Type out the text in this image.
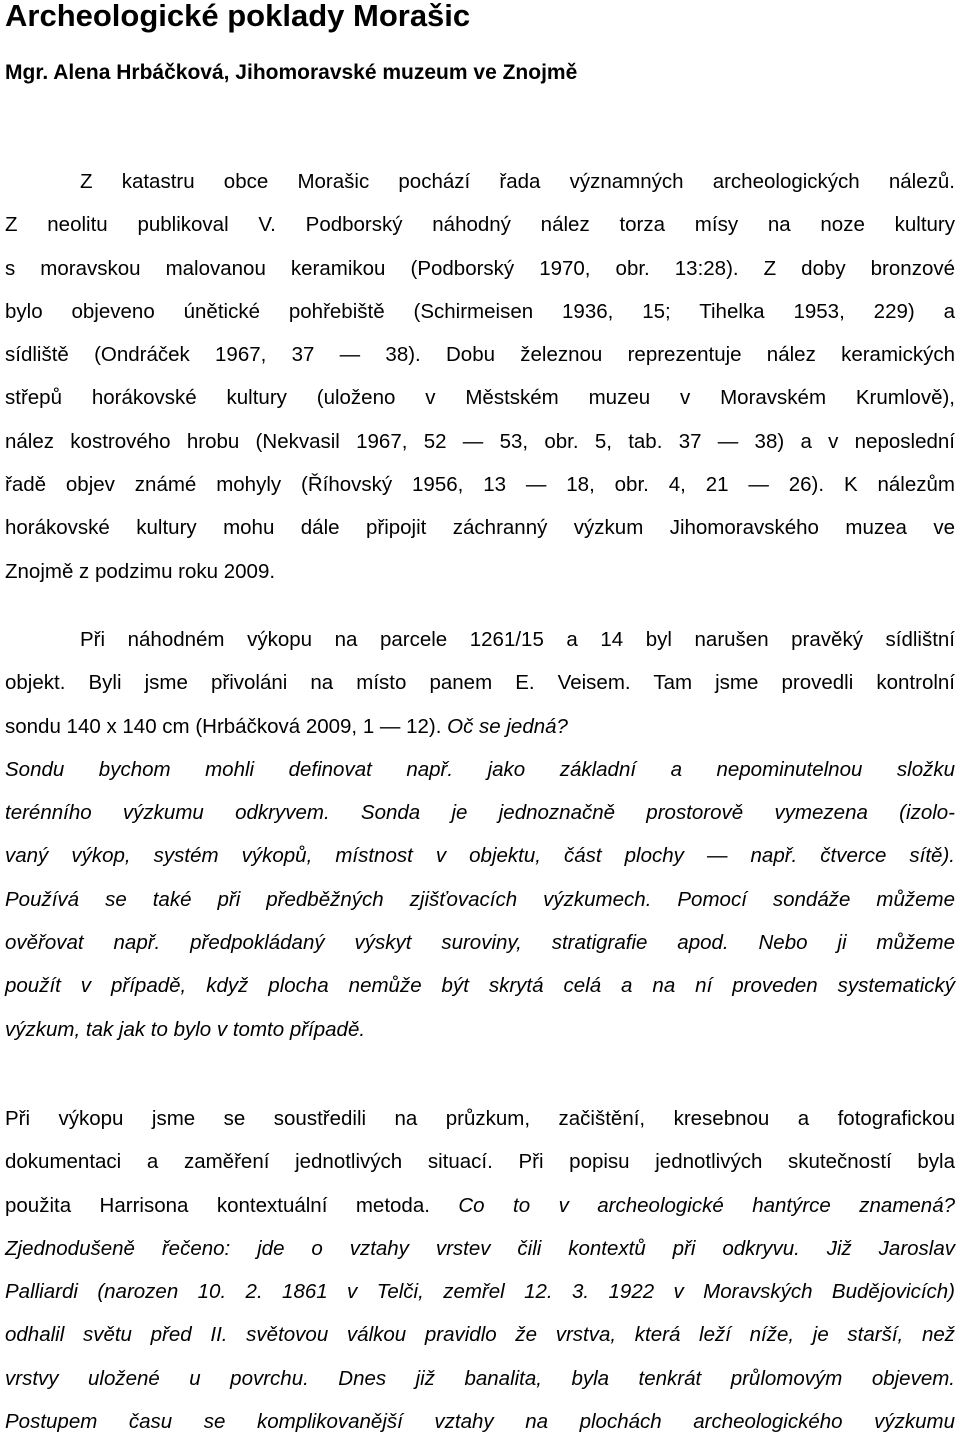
Archeologické poklady Morašic
Mgr. Alena Hrbáčková, Jihomoravské muzeum ve Znojmě

Z katastru obce Morašic pochází řada významných archeologických nálezů.
Z neolitu publikoval V. Podborský náhodný nález torza mísy na noze kultury
s moravskou malovanou keramikou (Podborský 1970, obr. 13:28). Z doby bronzové
bylo objeveno únětické pohřebiště (Schirmeisen 1936, 15; Tihelka 1953, 229) a
sídliště (Ondráček 1967, 37 — 38). Dobu železnou reprezentuje nález keramických
střepů horákovské kultury (uloženo v Městském muzeu v Moravském Krumlově),
nález kostrového hrobu (Nekvasil 1967, 52 — 53, obr. 5, tab. 37 — 38) a v neposlední
řadě objev známé mohyly (Říhovský 1956, 13 — 18, obr. 4, 21 — 26). K nálezům
horákovské kultury mohu dále připojit záchranný výzkum Jihomoravského muzea ve
Znojmě z podzimu roku 2009.

Při náhodném výkopu na parcele 1261/15 a 14 byl narušen pravěký sídlištní
objekt. Byli jsme přivoláni na místo panem E. Veisem. Tam jsme provedli kontrolní
sondu 140 x 140 cm (Hrbáčková 2009, 1 — 12). Oč se jedná?
Sondu bychom mohli definovat např. jako základní a nepominutelnou složku
terénního výzkumu odkryvem. Sonda je jednoznačně prostorově vymezena (izolo-
vaný výkop, systém výkopů, místnost v objektu, část plochy — např. čtverce sítě).
Používá se také při předběžných zjišťovacích výzkumech. Pomocí sondáže můžeme
ověřovat např. předpokládaný výskyt suroviny, stratigrafie apod. Nebo ji můžeme
použít v případě, když plocha nemůže být skrytá celá a na ní proveden systematický
výzkum, tak jak to bylo v tomto případě.

Při výkopu jsme se soustředili na průzkum, začištění, kresebnou a fotografickou
dokumentaci a zaměření jednotlivých situací. Při popisu jednotlivých skutečností byla
použita Harrisona kontextuální metoda. Co to v archeologické hantýrce znamená?
Zjednodušeně řečeno: jde o vztahy vrstev čili kontextů při odkryvu. Již Jaroslav
Palliardi (narozen 10. 2. 1861 v Telči, zemřel 12. 3. 1922 v Moravských Budějovicích)
odhalil světu před II. světovou válkou pravidlo že vrstva, která leží níže, je starší, než
vrstvy uložené u povrchu. Dnes již banalita, byla tenkrát průlomovým objevem.
Postupem času se komplikovanější vztahy na plochách archeologického výzkumu
